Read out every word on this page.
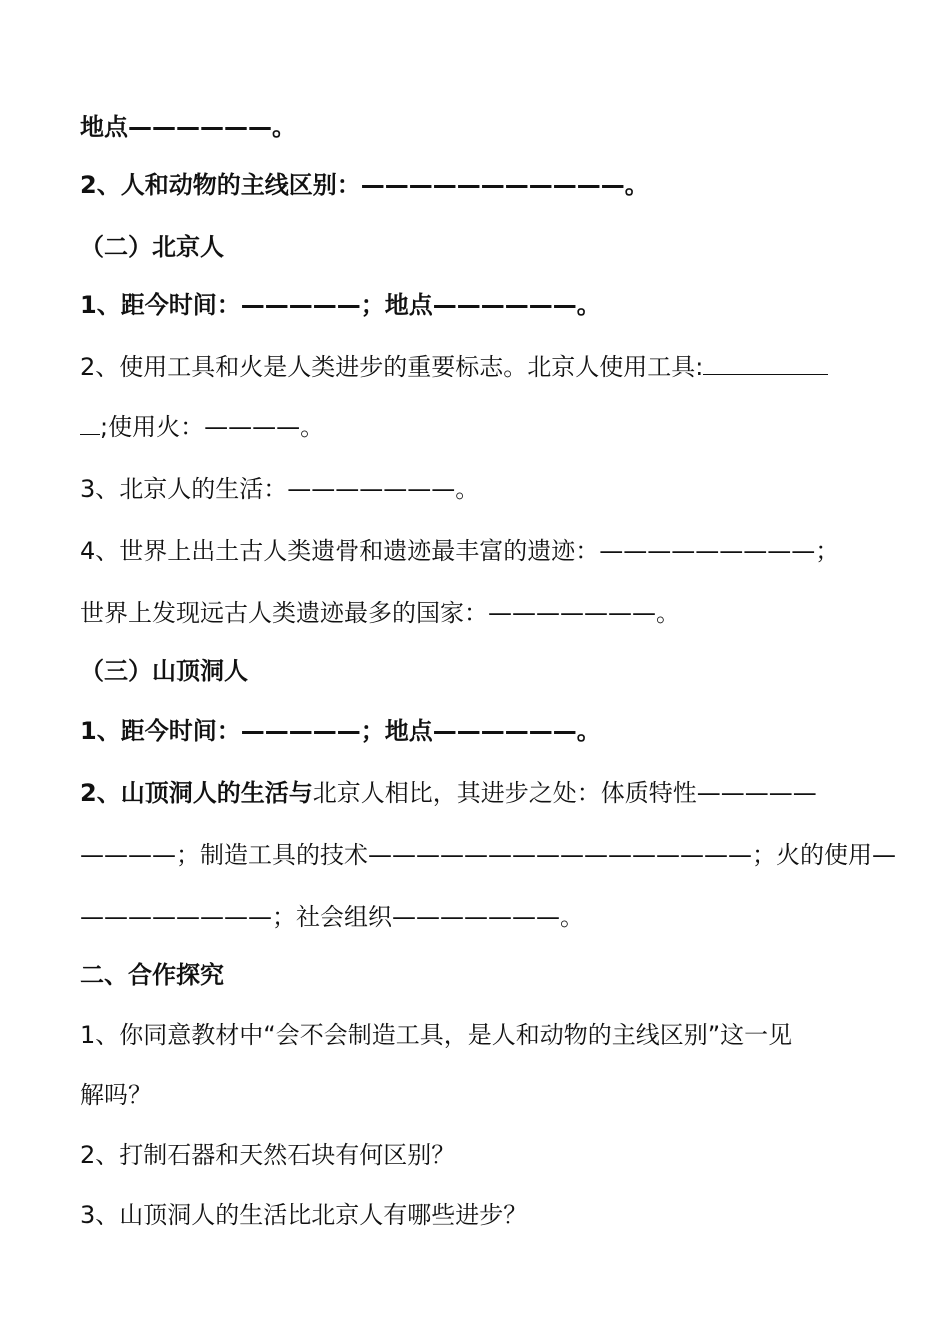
地点——————。
2、人和动物的主线区别：———————————。
（二）北京人
1、距今时间：—————；地点——————。
2、使用工具和火是人类进步的重要标志。北京人使用工具:
;使用火：————。
3、北京人的生活：———————。
4、世界上出土古人类遗骨和遗迹最丰富的遗迹：—————————；
世界上发现远古人类遗迹最多的国家：———————。
（三）山顶洞人
1、距今时间：—————；地点——————。
2、山顶洞人的生活与北京人相比，其进步之处：体质特性—————
————；制造工具的技术————————————————；火的使用—
————————；社会组织———————。
二、合作探究
1、你同意教材中“会不会制造工具，是人和动物的主线区别”这一见
解吗？
2、打制石器和天然石块有何区别？
3、山顶洞人的生活比北京人有哪些进步？
